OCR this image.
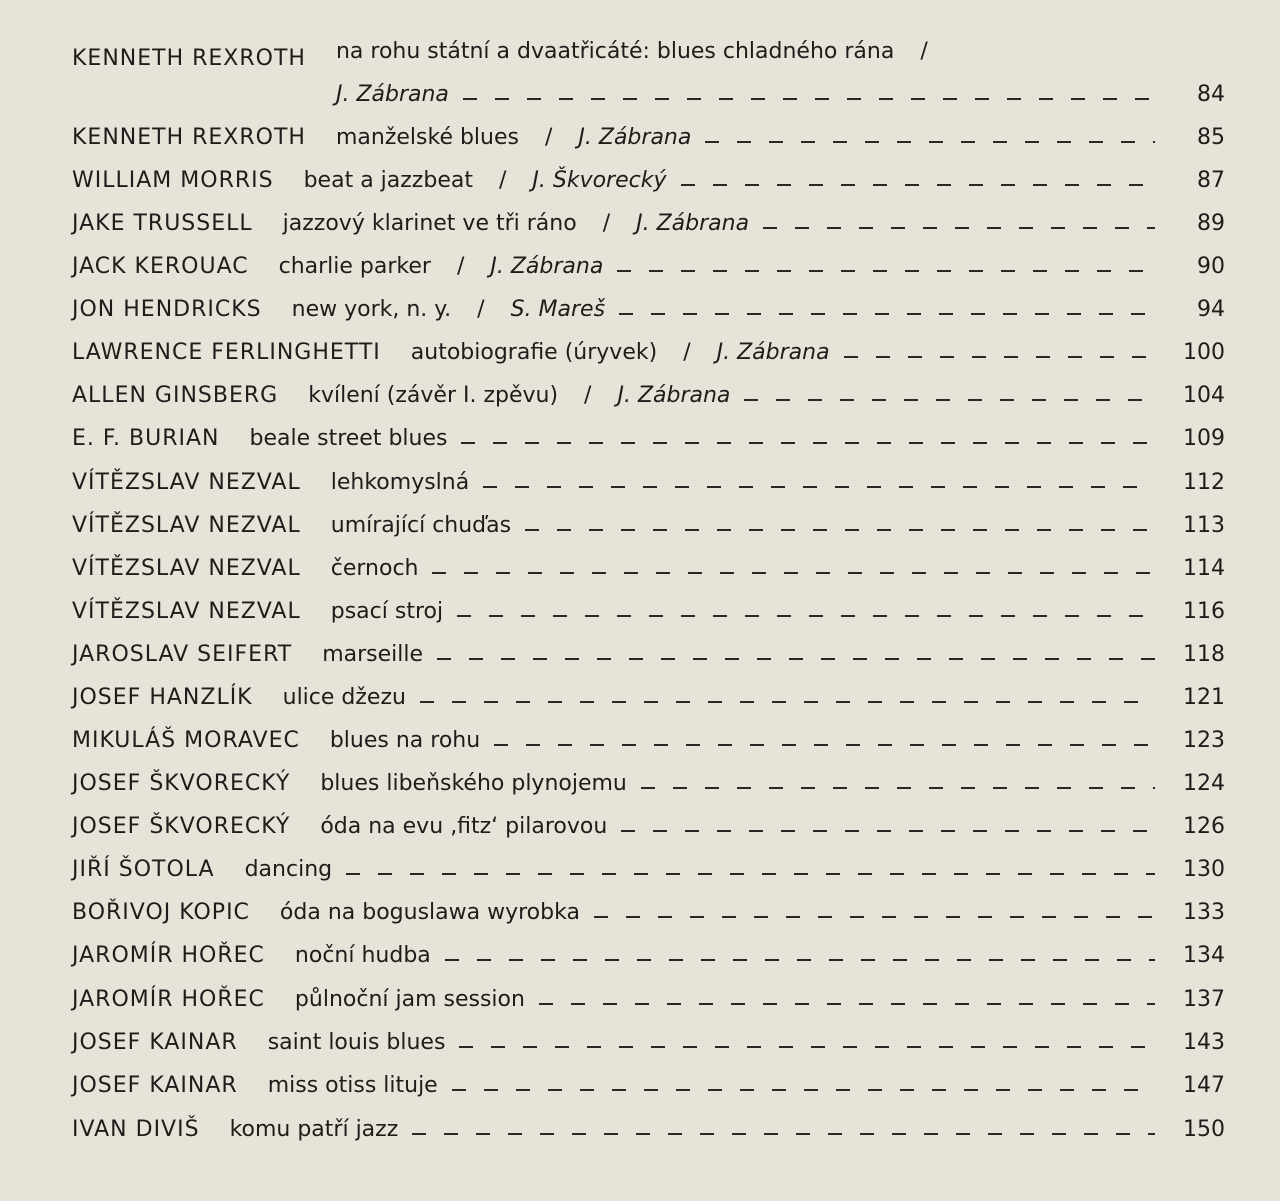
KENNETH REXROTH na rohu státní a dvaatřicáté: blues chladného rána /
J. Zábrana	84
KENNETH REXROTH manželské blues / J. Zábrana	85
WILLIAM MORRIS beat a jazzbeat / J. Škvorecký	87
JAKE TRUSSELL jazzový klarinet ve tři ráno / J. Zábrana	89
JACK KEROUAC charlie parker / J. Zábrana	90
JON HENDRICKS new york, n. y. / S. Mareš	94
LAWRENCE FERLINGHETTI autobiografie (úryvek) / J. Zábrana	100
ALLEN GINSBERG kvílení (závěr I. zpěvu) / J. Zábrana	104
E. F. BURIAN beale street blues	109
VÍTĚZSLAV NEZVAL lehkomyslná	112
VÍTĚZSLAV NEZVAL umírající chuďas	113
VÍTĚZSLAV NEZVAL černoch	114
VÍTĚZSLAV NEZVAL psací stroj	116
JAROSLAV SEIFERT marseille	118
JOSEF HANZLÍK ulice džezu	121
MIKULÁŠ MORAVEC blues na rohu	123
JOSEF ŠKVORECKÝ blues libeňského plynojemu	124
JOSEF ŠKVORECKÝ óda na evu ‚fitz‘ pilarovou	126
JIŘÍ ŠOTOLA dancing	130
BOŘIVOJ KOPIC óda na boguslawa wyrobka	133
JAROMÍR HOŘEC noční hudba	134
JAROMÍR HOŘEC půlnoční jam session	137
JOSEF KAINAR saint louis blues	143
JOSEF KAINAR miss otiss lituje	147
IVAN DIVIŠ komu patří jazz	150
